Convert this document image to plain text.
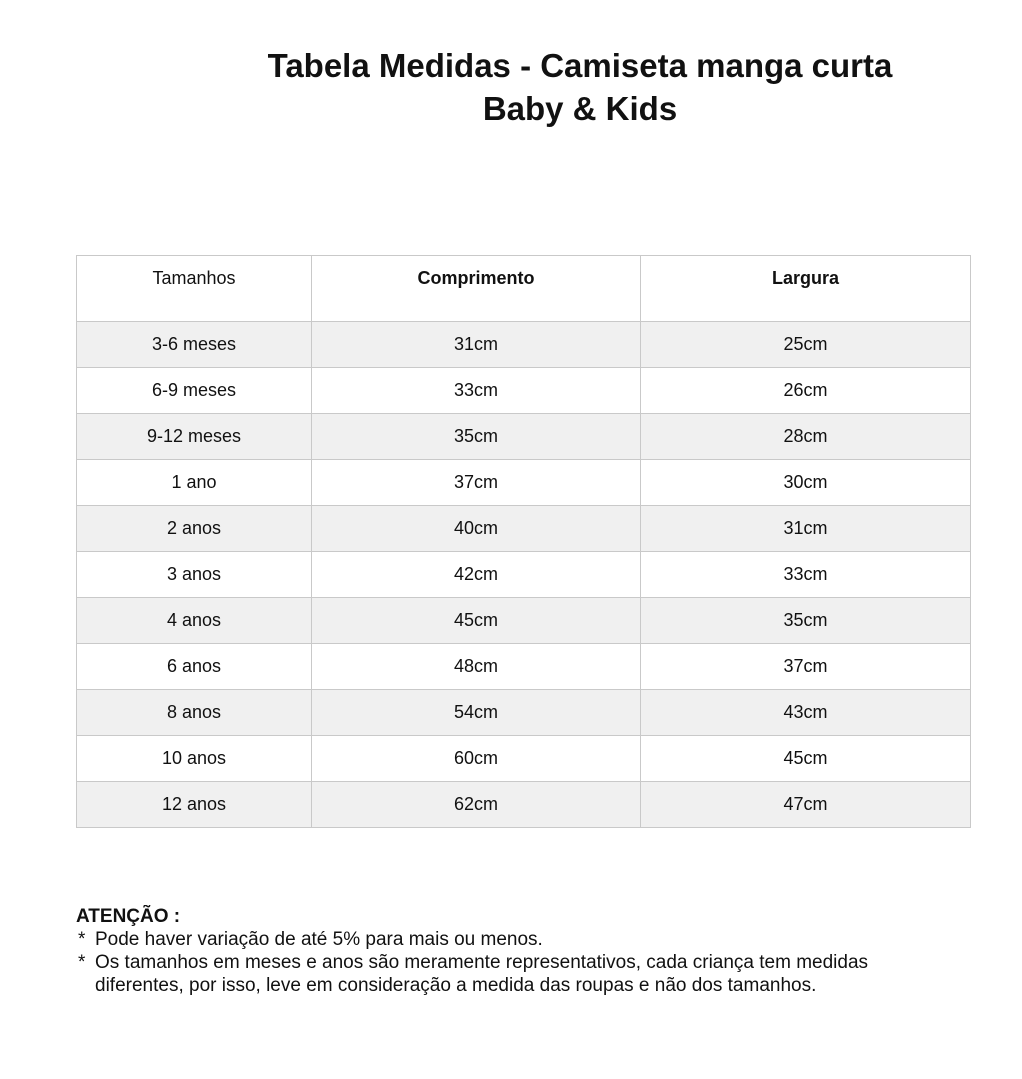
Tabela Medidas - Camiseta manga curta
Baby & Kids
Tamanhos	Comprimento	Largura
3-6 meses	31cm	25cm
6-9 meses	33cm	26cm
9-12 meses	35cm	28cm
1 ano	37cm	30cm
2 anos	40cm	31cm
3 anos	42cm	33cm
4 anos	45cm	35cm
6 anos	48cm	37cm
8 anos	54cm	43cm
10 anos	60cm	45cm
12 anos	62cm	47cm
ATENÇÃO :
* Pode haver variação de até 5% para mais ou menos.
* Os tamanhos em meses e anos são meramente representativos, cada criança tem medidas
diferentes, por isso, leve em consideração a medida das roupas e não dos tamanhos.
